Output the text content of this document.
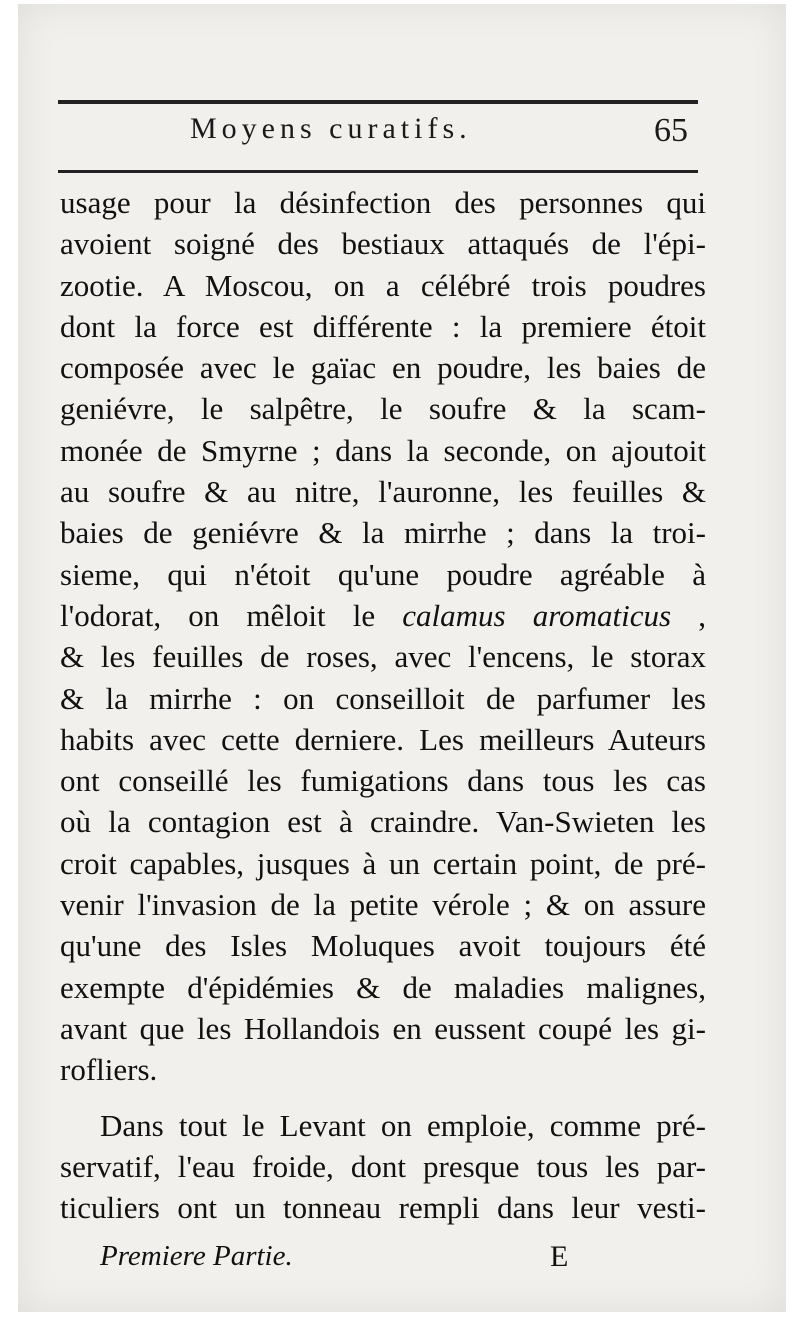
Moyens curatifs.	65
usage pour la désinfection des personnes qui
avoient soigné des bestiaux attaqués de l'épi-
zootie. A Moscou, on a célébré trois poudres
dont la force est différente : la premiere étoit
composée avec le gaïac en poudre, les baies de
geniévre, le salpêtre, le soufre & la scam-
monée de Smyrne ; dans la seconde, on ajoutoit
au soufre & au nitre, l'auronne, les feuilles &
baies de geniévre & la mirrhe ; dans la troi-
sieme, qui n'étoit qu'une poudre agréable à
l'odorat, on mêloit le calamus aromaticus ,
& les feuilles de roses, avec l'encens, le storax
& la mirrhe : on conseilloit de parfumer les
habits avec cette derniere. Les meilleurs Auteurs
ont conseillé les fumigations dans tous les cas
où la contagion est à craindre. Van-Swieten les
croit capables, jusques à un certain point, de pré-
venir l'invasion de la petite vérole ; & on assure
qu'une des Isles Moluques avoit toujours été
exempte d'épidémies & de maladies malignes,
avant que les Hollandois en eussent coupé les gi-
rofliers.
Dans tout le Levant on emploie, comme pré-
servatif, l'eau froide, dont presque tous les par-
ticuliers ont un tonneau rempli dans leur vesti-
Premiere Partie.	E
